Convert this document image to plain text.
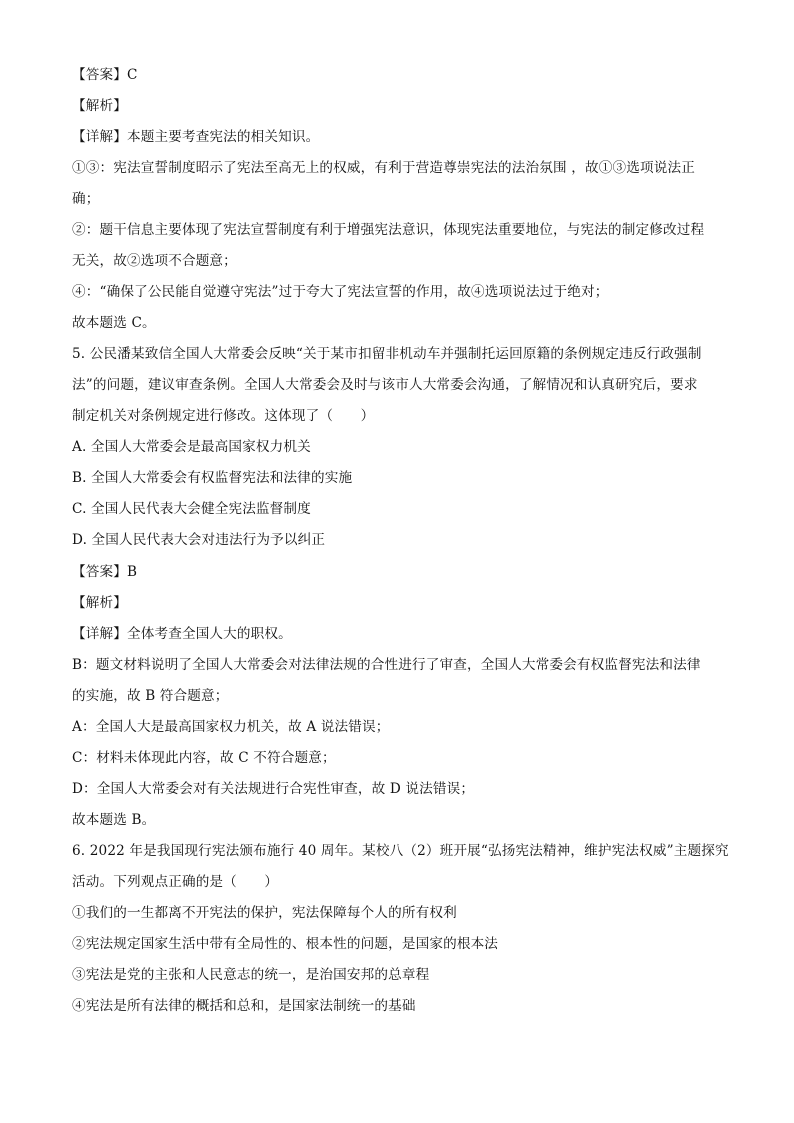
【答案】C
【解析】
【详解】本题主要考查宪法的相关知识。
①③：宪法宣誓制度昭示了宪法至高无上的权威，有利于营造尊崇宪法的法治氛围 ，故①③选项说法正
确；
②：题干信息主要体现了宪法宣誓制度有利于增强宪法意识，体现宪法重要地位，与宪法的制定修改过程
无关，故②选项不合题意；
④：“确保了公民能自觉遵守宪法”过于夸大了宪法宣誓的作用，故④选项说法过于绝对；
故本题选 C。
5. 公民潘某致信全国人大常委会反映“关于某市扣留非机动车并强制托运回原籍的条例规定违反行政强制
法”的问题，建议审查条例。全国人大常委会及时与该市人大常委会沟通，了解情况和认真研究后，要求
制定机关对条例规定进行修改。这体现了（　　）
A. 全国人大常委会是最高国家权力机关
B. 全国人大常委会有权监督宪法和法律的实施
C. 全国人民代表大会健全宪法监督制度
D. 全国人民代表大会对违法行为予以纠正
【答案】B
【解析】
【详解】全体考查全国人大的职权。
B：题文材料说明了全国人大常委会对法律法规的合性进行了审查，全国人大常委会有权监督宪法和法律
的实施，故 B 符合题意；
A：全国人大是最高国家权力机关，故 A 说法错误；
C：材料未体现此内容，故 C 不符合题意；
D：全国人大常委会对有关法规进行合宪性审查，故 D 说法错误；
故本题选 B。
6. 2022 年是我国现行宪法颁布施行 40 周年。某校八（2）班开展“弘扬宪法精神，维护宪法权威”主题探究
活动。下列观点正确的是（　　）
①我们的一生都离不开宪法的保护，宪法保障每个人的所有权利
②宪法规定国家生活中带有全局性的、根本性的问题，是国家的根本法
③宪法是党的主张和人民意志的统一，是治国安邦的总章程
④宪法是所有法律的概括和总和，是国家法制统一的基础
